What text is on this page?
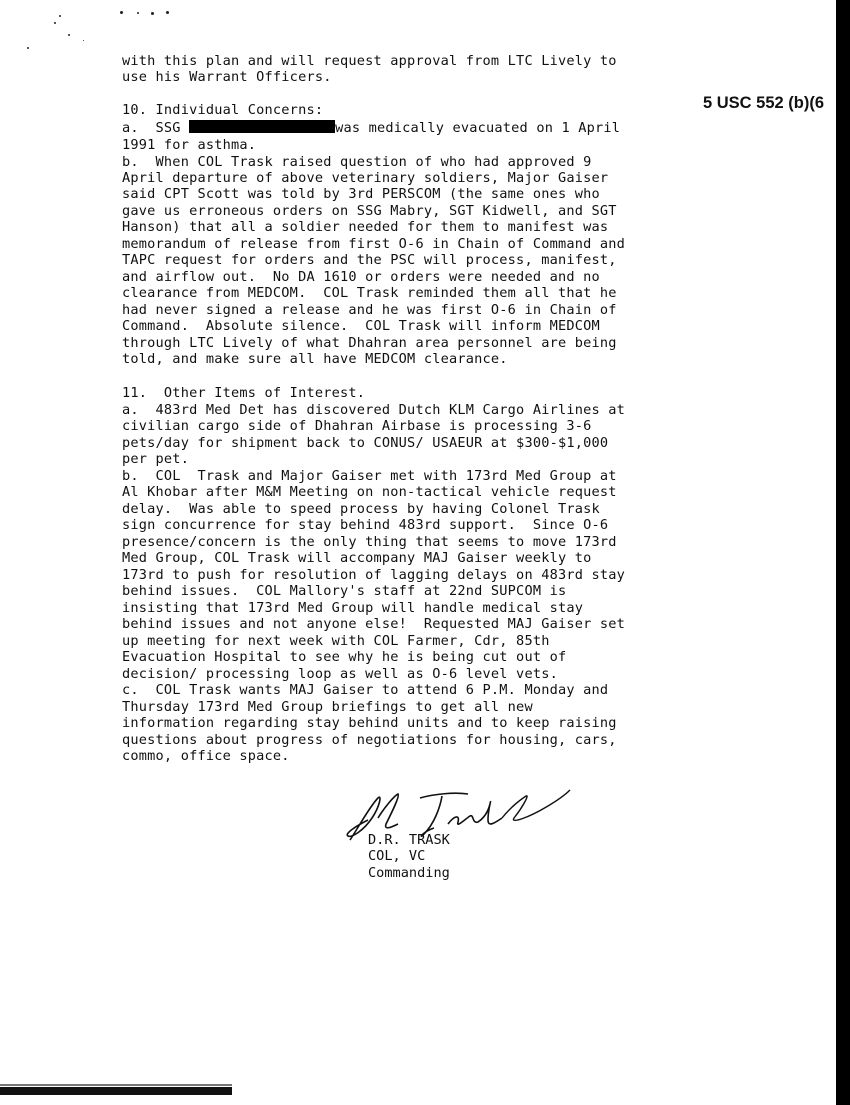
5 USC 552 (b)(6
with this plan and will request approval from LTC Lively to
use his Warrant Officers.
10. Individual Concerns:
a.  SSG	was medically evacuated on 1 April
1991 for asthma.
b.  When COL Trask raised question of who had approved 9
April departure of above veterinary soldiers, Major Gaiser
said CPT Scott was told by 3rd PERSCOM (the same ones who
gave us erroneous orders on SSG Mabry, SGT Kidwell, and SGT
Hanson) that all a soldier needed for them to manifest was
memorandum of release from first O-6 in Chain of Command and
TAPC request for orders and the PSC will process, manifest,
and airflow out.  No DA 1610 or orders were needed and no
clearance from MEDCOM.  COL Trask reminded them all that he
had never signed a release and he was first O-6 in Chain of
Command.  Absolute silence.  COL Trask will inform MEDCOM
through LTC Lively of what Dhahran area personnel are being
told, and make sure all have MEDCOM clearance.
11.  Other Items of Interest.
a.  483rd Med Det has discovered Dutch KLM Cargo Airlines at
civilian cargo side of Dhahran Airbase is processing 3-6
pets/day for shipment back to CONUS/ USAEUR at $300-$1,000
per pet.
b.  COL  Trask and Major Gaiser met with 173rd Med Group at
Al Khobar after M&M Meeting on non-tactical vehicle request
delay.  Was able to speed process by having Colonel Trask
sign concurrence for stay behind 483rd support.  Since O-6
presence/concern is the only thing that seems to move 173rd
Med Group, COL Trask will accompany MAJ Gaiser weekly to
173rd to push for resolution of lagging delays on 483rd stay
behind issues.  COL Mallory's staff at 22nd SUPCOM is
insisting that 173rd Med Group will handle medical stay
behind issues and not anyone else!  Requested MAJ Gaiser set
up meeting for next week with COL Farmer, Cdr, 85th
Evacuation Hospital to see why he is being cut out of
decision/ processing loop as well as O-6 level vets.
c.  COL Trask wants MAJ Gaiser to attend 6 P.M. Monday and
Thursday 173rd Med Group briefings to get all new
information regarding stay behind units and to keep raising
questions about progress of negotiations for housing, cars,
commo, office space.
D.R. TRASK
COL, VC
Commanding
